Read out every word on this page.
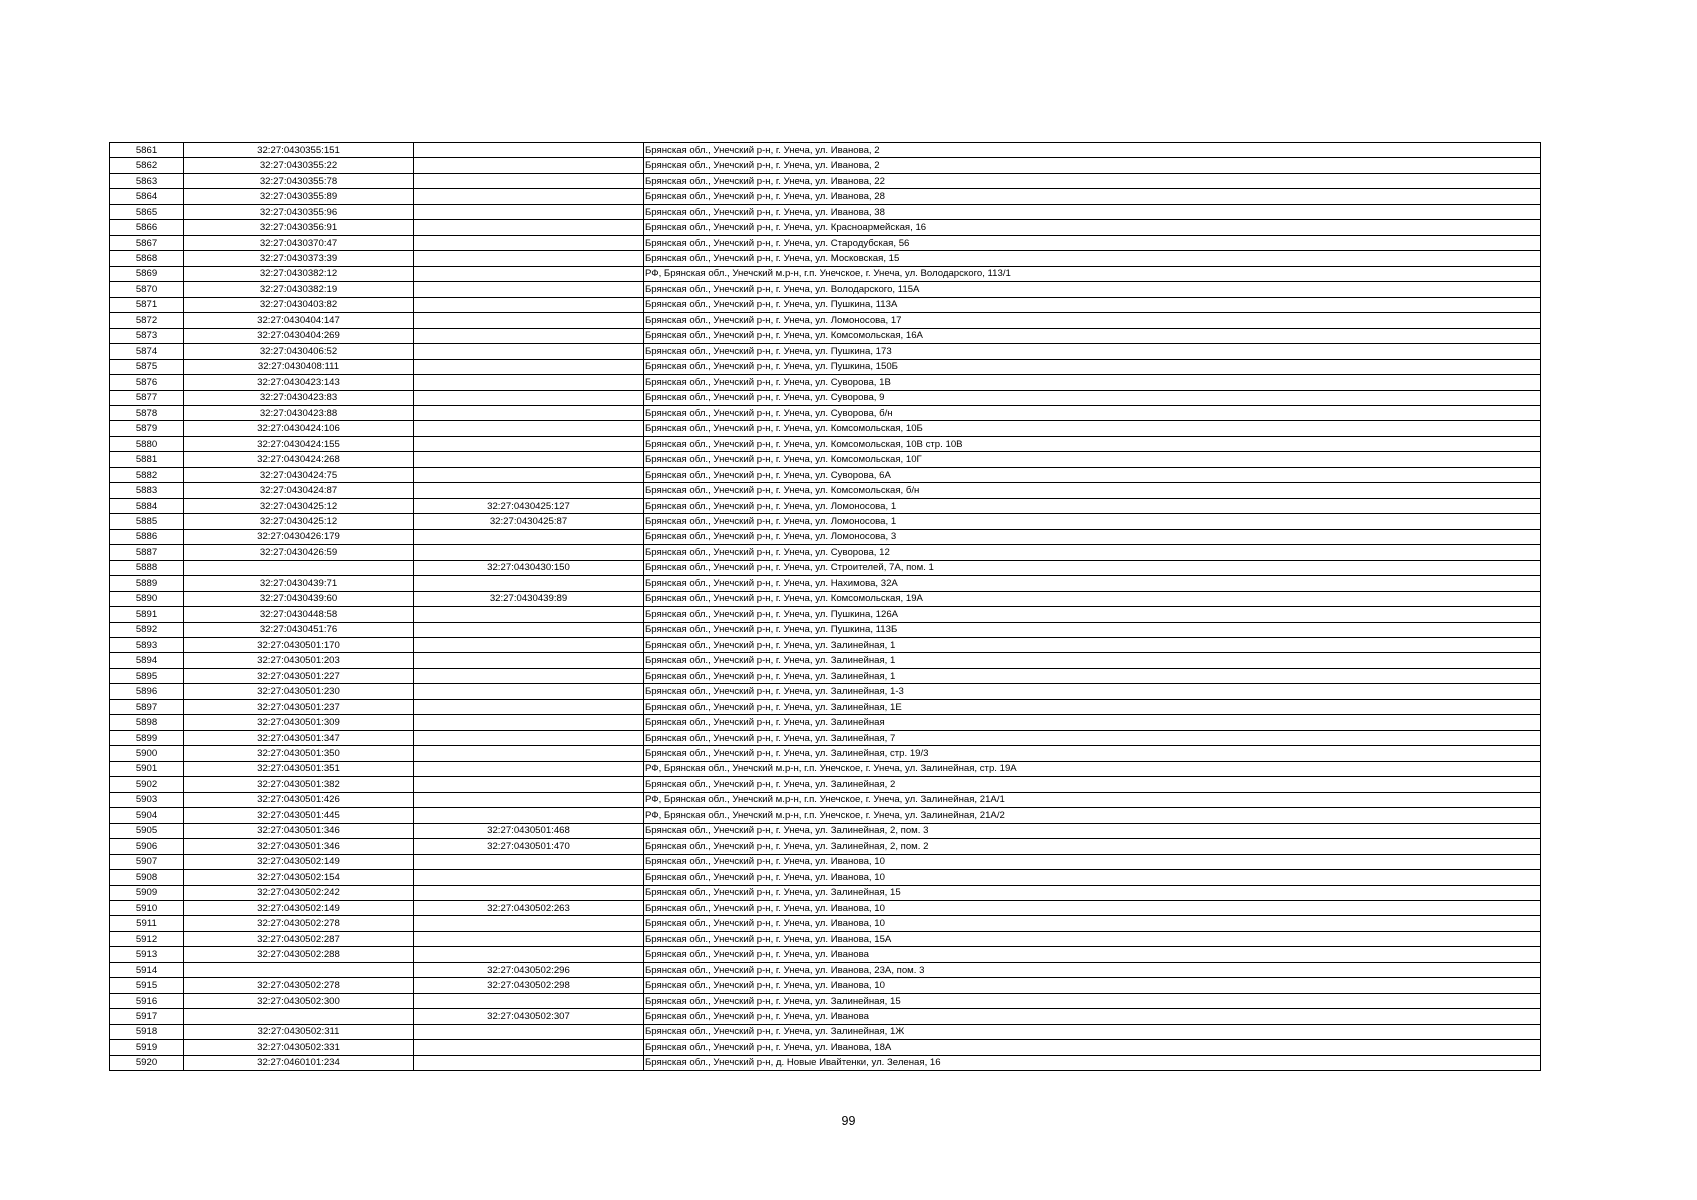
5861	32:27:0430355:151		Брянская обл., Унечский р-н, г. Унеча, ул. Иванова, 2
5862	32:27:0430355:22		Брянская обл., Унечский р-н, г. Унеча, ул. Иванова, 2
5863	32:27:0430355:78		Брянская обл., Унечский р-н, г. Унеча, ул. Иванова, 22
5864	32:27:0430355:89		Брянская обл., Унечский р-н, г. Унеча, ул. Иванова, 28
5865	32:27:0430355:96		Брянская обл., Унечский р-н, г. Унеча, ул. Иванова, 38
5866	32:27:0430356:91		Брянская обл., Унечский р-н, г. Унеча, ул. Красноармейская, 16
5867	32:27:0430370:47		Брянская обл., Унечский р-н, г. Унеча, ул. Стародубская, 56
5868	32:27:0430373:39		Брянская обл., Унечский р-н, г. Унеча, ул. Московская, 15
5869	32:27:0430382:12		РФ, Брянская обл., Унечский м.р-н, г.п. Унечское, г. Унеча, ул. Володарского, 113/1
5870	32:27:0430382:19		Брянская обл., Унечский р-н, г. Унеча, ул. Володарского, 115А
5871	32:27:0430403:82		Брянская обл., Унечский р-н, г. Унеча, ул. Пушкина, 113А
5872	32:27:0430404:147		Брянская обл., Унечский р-н, г. Унеча, ул. Ломоносова, 17
5873	32:27:0430404:269		Брянская обл., Унечский р-н, г. Унеча, ул. Комсомольская, 16А
5874	32:27:0430406:52		Брянская обл., Унечский р-н, г. Унеча, ул. Пушкина, 173
5875	32:27:0430408:111		Брянская обл., Унечский р-н, г. Унеча, ул. Пушкина, 150Б
5876	32:27:0430423:143		Брянская обл., Унечский р-н, г. Унеча, ул. Суворова, 1В
5877	32:27:0430423:83		Брянская обл., Унечский р-н, г. Унеча, ул. Суворова, 9
5878	32:27:0430423:88		Брянская обл., Унечский р-н, г. Унеча, ул. Суворова, б/н
5879	32:27:0430424:106		Брянская обл., Унечский р-н, г. Унеча, ул. Комсомольская, 10Б
5880	32:27:0430424:155		Брянская обл., Унечский р-н, г. Унеча, ул. Комсомольская, 10В стр. 10В
5881	32:27:0430424:268		Брянская обл., Унечский р-н, г. Унеча, ул. Комсомольская, 10Г
5882	32:27:0430424:75		Брянская обл., Унечский р-н, г. Унеча, ул. Суворова, 6А
5883	32:27:0430424:87		Брянская обл., Унечский р-н, г. Унеча, ул. Комсомольская, б/н
5884	32:27:0430425:12	32:27:0430425:127	Брянская обл., Унечский р-н, г. Унеча, ул. Ломоносова, 1
5885	32:27:0430425:12	32:27:0430425:87	Брянская обл., Унечский р-н, г. Унеча, ул. Ломоносова, 1
5886	32:27:0430426:179		Брянская обл., Унечский р-н, г. Унеча, ул. Ломоносова, 3
5887	32:27:0430426:59		Брянская обл., Унечский р-н, г. Унеча, ул. Суворова, 12
5888		32:27:0430430:150	Брянская обл., Унечский р-н, г. Унеча, ул. Строителей, 7А, пом. 1
5889	32:27:0430439:71		Брянская обл., Унечский р-н, г. Унеча, ул. Нахимова, 32А
5890	32:27:0430439:60	32:27:0430439:89	Брянская обл., Унечский р-н, г. Унеча, ул. Комсомольская, 19А
5891	32:27:0430448:58		Брянская обл., Унечский р-н, г. Унеча, ул. Пушкина, 126А
5892	32:27:0430451:76		Брянская обл., Унечский р-н, г. Унеча, ул. Пушкина, 113Б
5893	32:27:0430501:170		Брянская обл., Унечский р-н, г. Унеча, ул. Залинейная, 1
5894	32:27:0430501:203		Брянская обл., Унечский р-н, г. Унеча, ул. Залинейная, 1
5895	32:27:0430501:227		Брянская обл., Унечский р-н, г. Унеча, ул. Залинейная, 1
5896	32:27:0430501:230		Брянская обл., Унечский р-н, г. Унеча, ул. Залинейная, 1-3
5897	32:27:0430501:237		Брянская обл., Унечский р-н, г. Унеча, ул. Залинейная, 1Е
5898	32:27:0430501:309		Брянская обл., Унечский р-н, г. Унеча, ул. Залинейная
5899	32:27:0430501:347		Брянская обл., Унечский р-н, г. Унеча, ул. Залинейная, 7
5900	32:27:0430501:350		Брянская обл., Унечский р-н, г. Унеча, ул. Залинейная, стр. 19/3
5901	32:27:0430501:351		РФ, Брянская обл., Унечский м.р-н, г.п. Унечское, г. Унеча, ул. Залинейная, стр. 19А
5902	32:27:0430501:382		Брянская обл., Унечский р-н, г. Унеча, ул. Залинейная, 2
5903	32:27:0430501:426		РФ, Брянская обл., Унечский м.р-н, г.п. Унечское, г. Унеча, ул. Залинейная, 21А/1
5904	32:27:0430501:445		РФ, Брянская обл., Унечский м.р-н, г.п. Унечское, г. Унеча, ул. Залинейная, 21А/2
5905	32:27:0430501:346	32:27:0430501:468	Брянская обл., Унечский р-н, г. Унеча, ул. Залинейная, 2, пом. 3
5906	32:27:0430501:346	32:27:0430501:470	Брянская обл., Унечский р-н, г. Унеча, ул. Залинейная, 2, пом. 2
5907	32:27:0430502:149		Брянская обл., Унечский р-н, г. Унеча, ул. Иванова, 10
5908	32:27:0430502:154		Брянская обл., Унечский р-н, г. Унеча, ул. Иванова, 10
5909	32:27:0430502:242		Брянская обл., Унечский р-н, г. Унеча, ул. Залинейная, 15
5910	32:27:0430502:149	32:27:0430502:263	Брянская обл., Унечский р-н, г. Унеча, ул. Иванова, 10
5911	32:27:0430502:278		Брянская обл., Унечский р-н, г. Унеча, ул. Иванова, 10
5912	32:27:0430502:287		Брянская обл., Унечский р-н, г. Унеча, ул. Иванова, 15А
5913	32:27:0430502:288		Брянская обл., Унечский р-н, г. Унеча, ул. Иванова
5914		32:27:0430502:296	Брянская обл., Унечский р-н, г. Унеча, ул. Иванова, 23А, пом. 3
5915	32:27:0430502:278	32:27:0430502:298	Брянская обл., Унечский р-н, г. Унеча, ул. Иванова, 10
5916	32:27:0430502:300		Брянская обл., Унечский р-н, г. Унеча, ул. Залинейная, 15
5917		32:27:0430502:307	Брянская обл., Унечский р-н, г. Унеча, ул. Иванова
5918	32:27:0430502:311		Брянская обл., Унечский р-н, г. Унеча, ул. Залинейная, 1Ж
5919	32:27:0430502:331		Брянская обл., Унечский р-н, г. Унеча, ул. Иванова, 18А
5920	32:27:0460101:234		Брянская обл., Унечский р-н, д. Новые Ивайтенки, ул. Зеленая, 16
99
